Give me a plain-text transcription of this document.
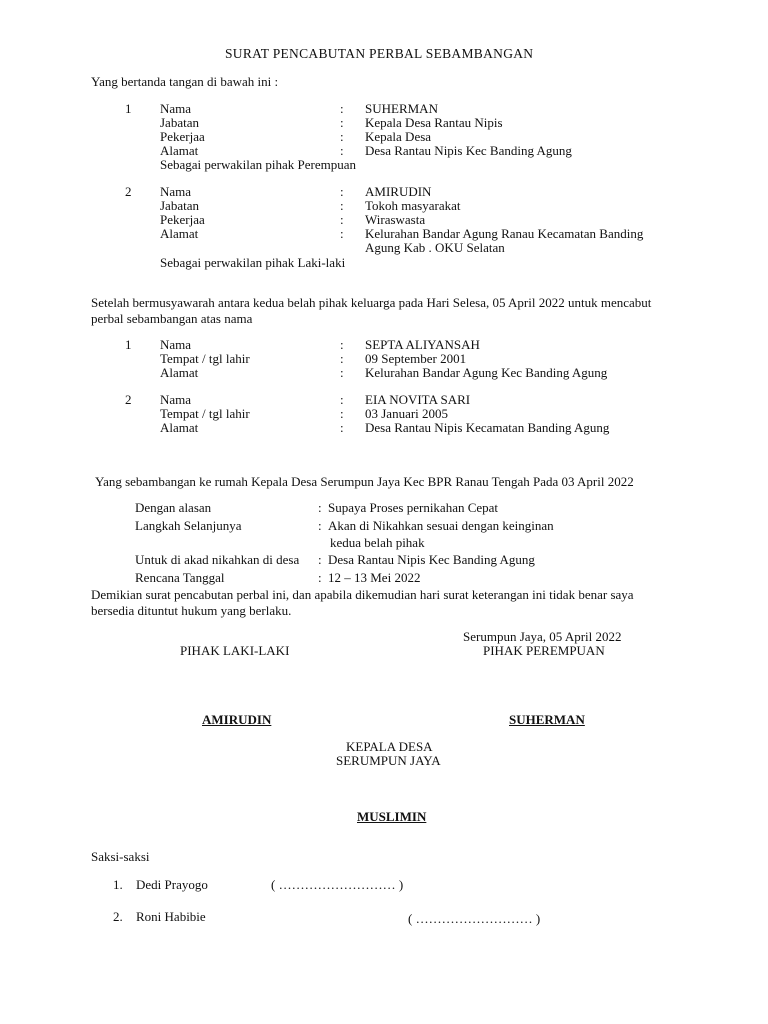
SURAT PENCABUTAN PERBAL SEBAMBANGAN
Yang bertanda tangan di bawah ini :
1 Nama	: SUHERMAN
Jabatan	: Kepala Desa Rantau Nipis
Pekerjaa	: Kepala Desa
Alamat	: Desa Rantau Nipis Kec Banding Agung
Sebagai perwakilan pihak Perempuan
2 Nama	: AMIRUDIN
Jabatan	: Tokoh masyarakat
Pekerjaa	: Wiraswasta
Alamat	: Kelurahan Bandar Agung Ranau Kecamatan Banding
Agung Kab . OKU Selatan
Sebagai perwakilan pihak Laki-laki
Setelah bermusyawarah antara kedua belah pihak keluarga pada Hari Selesa, 05 April 2022 untuk mencabut
perbal sebambangan atas nama
1 Nama	: SEPTA ALIYANSAH
Tempat / tgl lahir	: 09 September 2001
Alamat	: Kelurahan Bandar Agung Kec Banding Agung
2 Nama	: EIA NOVITA SARI
Tempat / tgl lahir	: 03 Januari 2005
Alamat	: Desa Rantau Nipis Kecamatan Banding Agung
Yang sebambangan ke rumah Kepala Desa Serumpun Jaya Kec BPR Ranau Tengah Pada 03 April 2022
Dengan alasan	: Supaya Proses pernikahan Cepat
Langkah Selanjunya	: Akan di Nikahkan sesuai dengan keinginan
kedua belah pihak
Untuk di akad nikahkan di desa : Desa Rantau Nipis Kec Banding Agung
Rencana Tanggal	: 12 – 13 Mei 2022
Demikian surat pencabutan perbal ini, dan apabila dikemudian hari surat keterangan ini tidak benar saya
bersedia dituntut hukum yang berlaku.
Serumpun Jaya, 05 April 2022
PIHAK LAKI-LAKI	PIHAK PEREMPUAN
AMIRUDIN	SUHERMAN
KEPALA DESA
SERUMPUN JAYA
MUSLIMIN
Saksi-saksi
1. Dedi Prayogo	( ……………………… )
2. Roni Habibie	( ……………………… )
